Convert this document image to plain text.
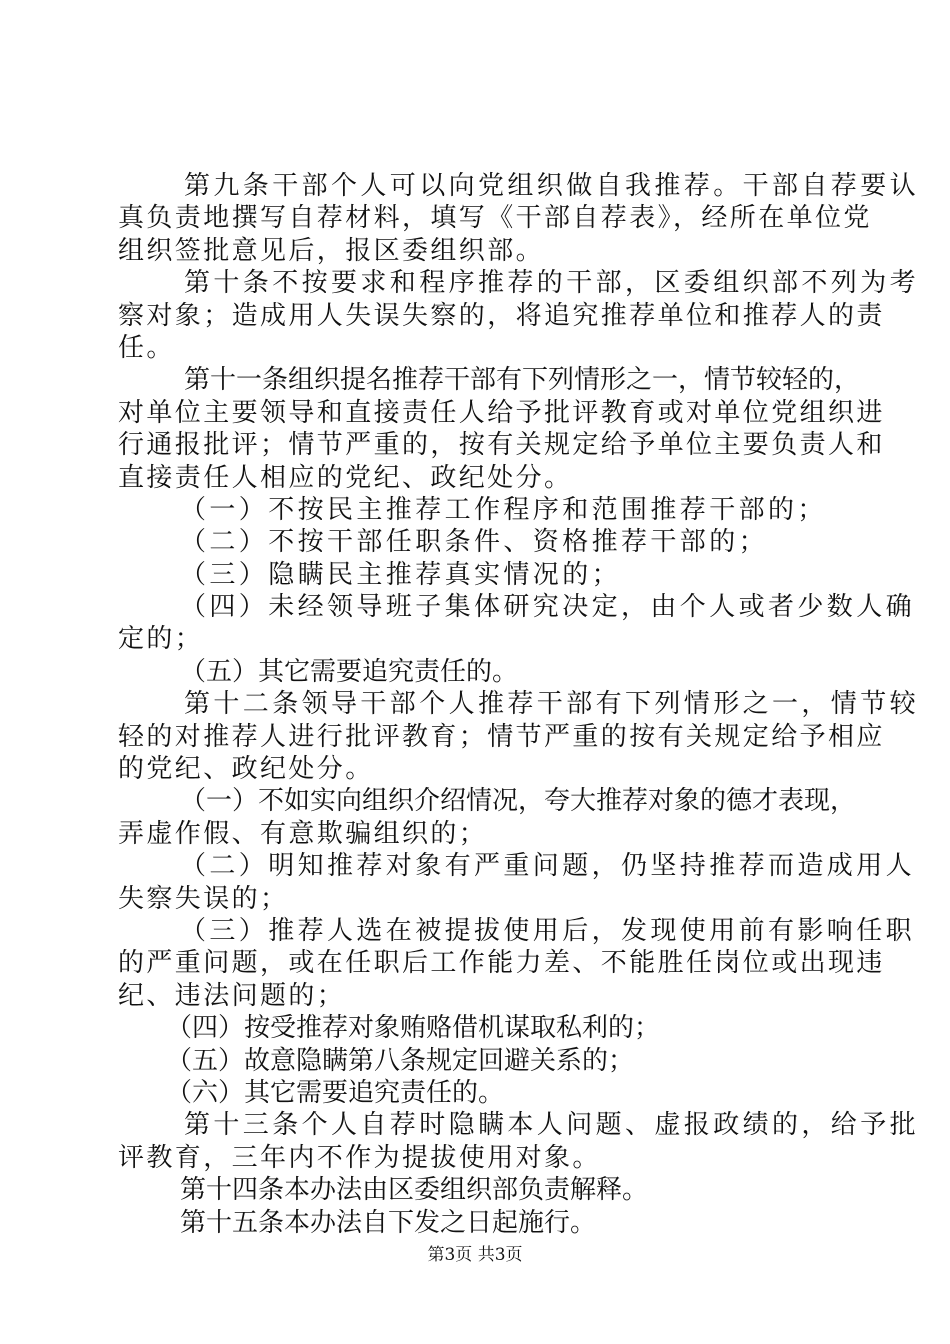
第九条干部个人可以向党组织做自我推荐。干部自荐要认
真负责地撰写自荐材料，填写《干部自荐表》，经所在单位党
组织签批意见后，报区委组织部。
第十条不按要求和程序推荐的干部，区委组织部不列为考
察对象；造成用人失误失察的，将追究推荐单位和推荐人的责
任。
第十一条组织提名推荐干部有下列情形之一，情节较轻的，
对单位主要领导和直接责任人给予批评教育或对单位党组织进
行通报批评；情节严重的，按有关规定给予单位主要负责人和
直接责任人相应的党纪、政纪处分。
（一）不按民主推荐工作程序和范围推荐干部的；
（二）不按干部任职条件、资格推荐干部的；
（三）隐瞒民主推荐真实情况的；
（四）未经领导班子集体研究决定，由个人或者少数人确
定的；
（五）其它需要追究责任的。
第十二条领导干部个人推荐干部有下列情形之一，情节较
轻的对推荐人进行批评教育；情节严重的按有关规定给予相应
的党纪、政纪处分。
（一）不如实向组织介绍情况，夸大推荐对象的德才表现，
弄虚作假、有意欺骗组织的；
（二）明知推荐对象有严重问题，仍坚持推荐而造成用人
失察失误的；
（三）推荐人选在被提拔使用后，发现使用前有影响任职
的严重问题，或在任职后工作能力差、不能胜任岗位或出现违
纪、违法问题的；
（四）按受推荐对象贿赂借机谋取私利的；
（五）故意隐瞒第八条规定回避关系的；
（六）其它需要追究责任的。
第十三条个人自荐时隐瞒本人问题、虚报政绩的，给予批
评教育，三年内不作为提拔使用对象。
第十四条本办法由区委组织部负责解释。
第十五条本办法自下发之日起施行。
第3页 共3页
